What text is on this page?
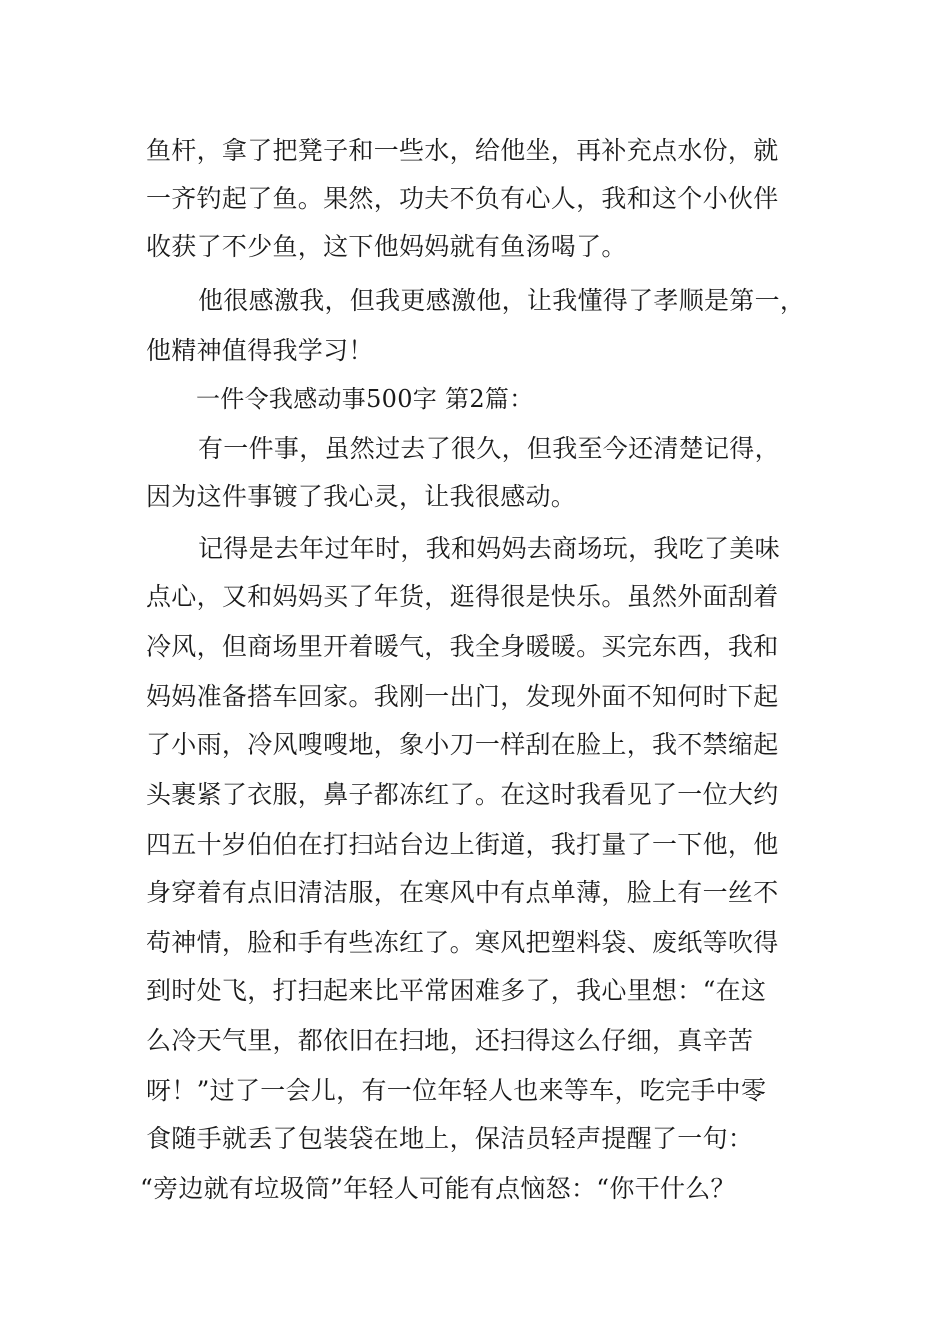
鱼杆，拿了把凳子和一些水，给他坐，再补充点水份，就
一齐钓起了鱼。果然，功夫不负有心人，我和这个小伙伴
收获了不少鱼，这下他妈妈就有鱼汤喝了。
他很感激我，但我更感激他，让我懂得了孝顺是第一，
他精神值得我学习！
一件令我感动事500字 第2篇：
有一件事，虽然过去了很久，但我至今还清楚记得，
因为这件事镀了我心灵，让我很感动。
记得是去年过年时，我和妈妈去商场玩，我吃了美味
点心，又和妈妈买了年货，逛得很是快乐。虽然外面刮着
冷风，但商场里开着暖气，我全身暖暖。买完东西，我和
妈妈准备搭车回家。我刚一出门，发现外面不知何时下起
了小雨，冷风嗖嗖地，象小刀一样刮在脸上，我不禁缩起
头裹紧了衣服，鼻子都冻红了。在这时我看见了一位大约
四五十岁伯伯在打扫站台边上街道，我打量了一下他，他
身穿着有点旧清洁服，在寒风中有点单薄，脸上有一丝不
苟神情，脸和手有些冻红了。寒风把塑料袋、废纸等吹得
到时处飞，打扫起来比平常困难多了，我心里想：“在这
么冷天气里，都依旧在扫地，还扫得这么仔细，真辛苦
呀！”过了一会儿，有一位年轻人也来等车，吃完手中零
食随手就丢了包装袋在地上，保洁员轻声提醒了一句：
“旁边就有垃圾筒”年轻人可能有点恼怒：“你干什么？
